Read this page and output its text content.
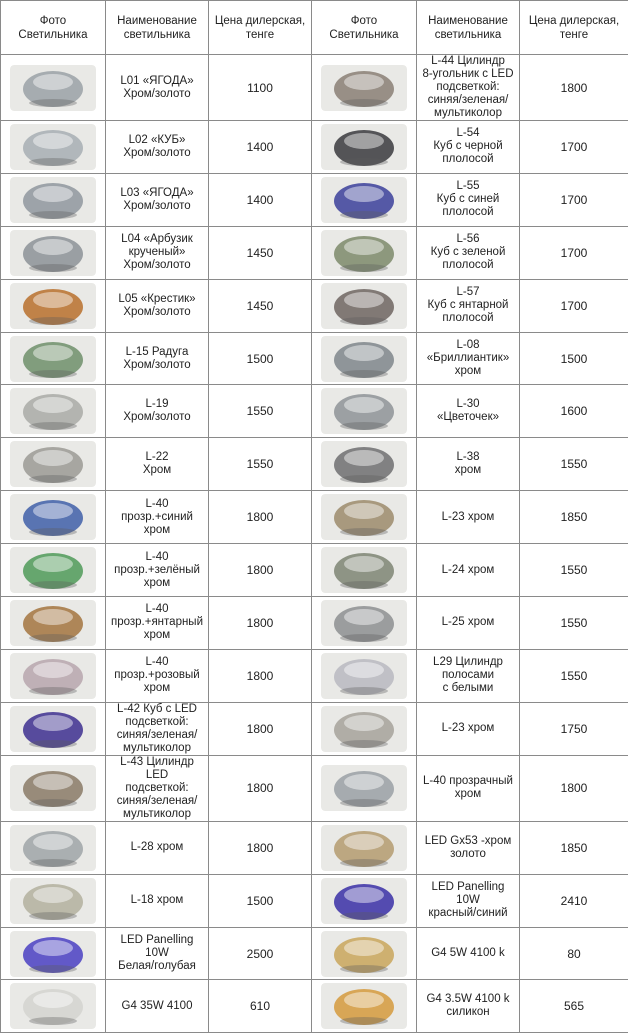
Фото
Светильника	Наименование
светильника	Цена дилерская,
тенге	Фото
Светильника	Наименование
светильника	Цена дилерская,
тенге

	L01 «ЯГОДА»
Хром/золото	1100		L-44 Цилиндр
8-угольник с LED
подсветкой:
синяя/зеленая/
мультиколор	1800

	L02 «КУБ»
Хром/золото	1400		L-54
Куб с черной
плолосой	1700

	L03 «ЯГОДА»
Хром/золото	1400		L-55
Куб с синей
плолосой	1700

	L04 «Арбузик
крученый»
Хром/золото	1450		L-56
Куб с зеленой
плолосой	1700

	L05 «Крестик»
Хром/золото	1450		L-57
Куб с янтарной
плолосой	1700

	L-15 Радуга
Хром/золото	1500		L-08
«Бриллиантик»
хром	1500

	L-19
Хром/золото	1550		L-30
«Цветочек»	1600

	L-22
Хром	1550		L-38
хром	1550

	L-40
прозр.+синий
хром	1800		L-23 хром	1850

	L-40
прозр.+зелёный
хром	1800		L-24 хром	1550

	L-40
прозр.+янтарный
хром	1800		L-25 хром	1550

	L-40
прозр.+розовый
хром	1800		L29 Цилиндр
полосами
с белыми	1550

	L-42 Куб с LED
подсветкой:
синяя/зеленая/
мультиколор	1800		L-23 хром	1750

	L-43 Цилиндр LED
подсветкой:
синяя/зеленая/
мультиколор	1800		L-40 прозрачный
хром	1800

	L-28 хром	1800		LED Gx53 -хром
золото	1850

	L-18 хром	1500		LED Panelling 10W
красный/синий	2410

	LED Panelling 10W
Белая/голубая	2500		G4 5W 4100 k	80

	G4 35W 4100	610		G4 3.5W 4100 k
силикон	565
